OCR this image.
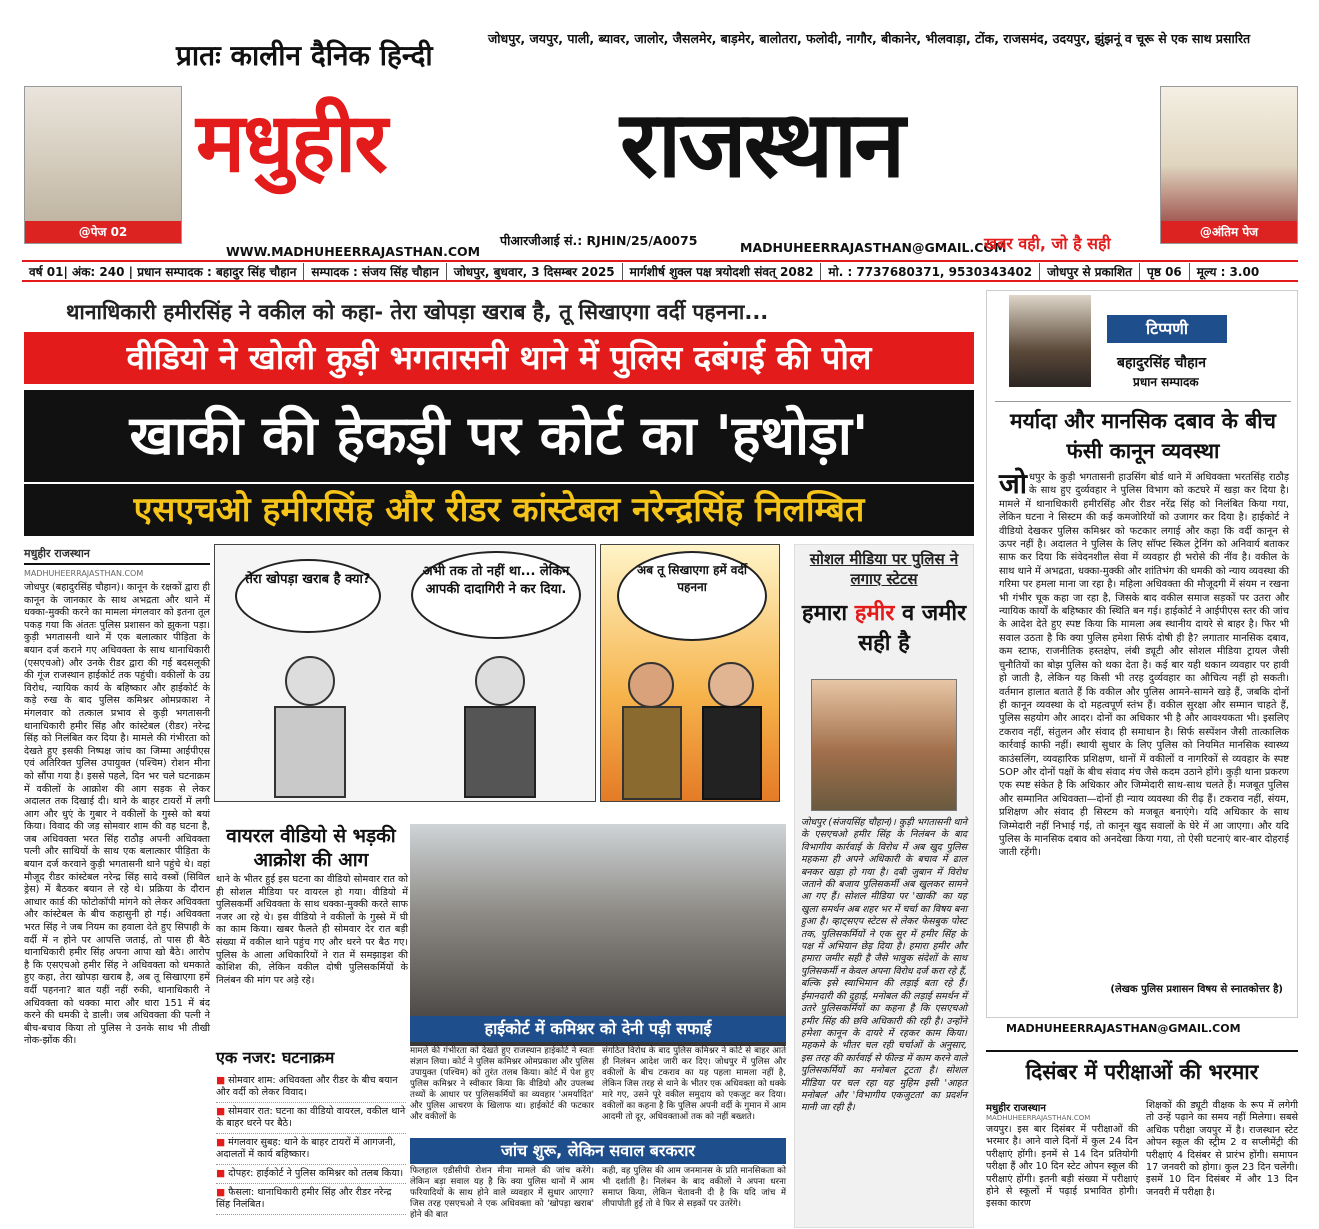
प्रातः कालीन दैनिक हिन्दी
जोधपुर, जयपुर, पाली, ब्यावर, जालोर, जैसलमेर, बाड़मेर, बालोतरा, फलोदी, नागौर, बीकानेर, भीलवाड़ा, टोंक, राजसमंद, उदयपुर, झुंझनूं व चूरू से एक साथ प्रसारित
@पेज 02
मधुहीर	राजस्थान
@अंतिम पेज
WWW.MADHUHEERRAJASTHAN.COM
पीआरजीआई सं.: RJHIN/25/A0075	MADHUHEERRAJASTHAN@GMAIL.COM
खबर वही, जो है सही
वर्ष 01| अंक: 240 | प्रधान सम्पादक : बहादुर सिंह चौहान	सम्पादक : संजय सिंह चौहान	जोधपुर, बुधवार, 3 दिसम्बर 2025	मार्गशीर्ष शुक्ल पक्ष त्रयोदशी संवत् 2082	मो. : 7737680371, 9530343402	जोधपुर से प्रकाशित	पृष्ठ 06	मूल्य : 3.00
थानाधिकारी हमीरसिंह ने वकील को कहा- तेरा खोपड़ा खराब है, तू सिखाएगा वर्दी पहनना...
वीडियो ने खोली कुड़ी भगतासनी थाने में पुलिस दबंगई की पोल
खाकी की हेकड़ी पर कोर्ट का 'हथोड़ा'
एसएचओ हमीरसिंह और रीडर कांस्टेबल नरेन्द्रसिंह निलम्बित
मधुहीर राजस्थान
MADHUHEERRAJASTHAN.COM
जोधपुर (बहादुरसिंह चौहान)। कानून के रक्षकों द्वारा ही कानून के जानकार के साथ अभद्रता और थाने में धक्का-मुक्की करने का मामला मंगलवार को इतना तूल पकड़ गया कि अंततः पुलिस प्रशासन को झुकना पड़ा। कुड़ी भगतासनी थाने में एक बलात्कार पीड़िता के बयान दर्ज कराने गए अधिवक्ता के साथ थानाधिकारी (एसएचओ) और उनके रीडर द्वारा की गई बदसलूकी की गूंज राजस्थान हाईकोर्ट तक पहुंची। वकीलों के उग्र विरोध, न्यायिक कार्य के बहिष्कार और हाईकोर्ट के कड़े रुख के बाद पुलिस कमिश्नर ओमप्रकाश ने मंगलवार को तत्काल प्रभाव से कुड़ी भगतासनी थानाधिकारी हमीर सिंह और कांस्टेबल (रीडर) नरेन्द्र सिंह को निलंबित कर दिया है। मामले की गंभीरता को देखते हुए इसकी निष्पक्ष जांच का जिम्मा आईपीएस एवं अतिरिक्त पुलिस उपायुक्त (पश्चिम) रोशन मीना को सौंपा गया है। इससे पहले, दिन भर चले घटनाक्रम में वकीलों के आक्रोश की आग सड़क से लेकर अदालत तक दिखाई दी। थाने के बाहर टायरों में लगी आग और धुएं के गुबार ने वकीलों के गुस्से को बयां किया। विवाद की जड़ सोमवार शाम की वह घटना है, जब अधिवक्ता भरत सिंह राठौड़ अपनी अधिवक्ता पत्नी और साथियों के साथ एक बलात्कार पीड़िता के बयान दर्ज करवाने कुड़ी भगतासनी थाने पहुंचे थे। वहां मौजूद रीडर कांस्टेबल नरेन्द्र सिंह सादे वस्त्रों (सिविल ड्रेस) में बैठकर बयान ले रहे थे। प्रक्रिया के दौरान आधार कार्ड की फोटोकॉपी मांगने को लेकर अधिवक्ता और कांस्टेबल के बीच कहासुनी हो गई। अधिवक्ता भरत सिंह ने जब नियम का हवाला देते हुए सिपाही के वर्दी में न होने पर आपत्ति जताई, तो पास ही बैठे थानाधिकारी हमीर सिंह अपना आपा खो बैठे। आरोप है कि एसएचओ हमीर सिंह ने अधिवक्ता को धमकाते हुए कहा, तेरा खोपड़ा खराब है, अब तू सिखाएगा हमें वर्दी पहनना? बात यहीं नहीं रुकी, थानाधिकारी ने अधिवक्ता को धक्का मारा और धारा 151 में बंद करने की धमकी दे डाली। जब अधिवक्ता की पत्नी ने बीच-बचाव किया तो पुलिस ने उनके साथ भी तीखी नोक-झोंक की।
तेरा खोपड़ा खराब है क्या?
अभी तक तो नहीं था... लेकिन आपकी दादागिरी ने कर दिया.
अब तू सिखाएगा हमें वर्दी पहनना
सोशल मीडिया पर पुलिस ने लगाए स्टेटस
हमारा हमीर व जमीर सही है
जोधपुर (संजयसिंह चौहान)। कुड़ी भगतासनी थाने के एसएचओ हमीर सिंह के निलंबन के बाद विभागीय कार्रवाई के विरोध में अब खुद पुलिस महकमा ही अपने अधिकारी के बचाव में ढाल बनकर खड़ा हो गया है। दबी जुबान में विरोध जताने की बजाय पुलिसकर्मी अब खुलकर सामने आ गए हैं। सोशल मीडिया पर 'खाकी' का यह खुला समर्थन अब शहर भर में चर्चा का विषय बना हुआ है। व्हाट्सएप स्टेटस से लेकर फेसबुक पोस्ट तक, पुलिसकर्मियों ने एक सुर में हमीर सिंह के पक्ष में अभियान छेड़ दिया है। हमारा हमीर और हमारा जमीर सही है जैसे भावुक संदेशों के साथ पुलिसकर्मी न केवल अपना विरोध दर्ज करा रहे हैं, बल्कि इसे स्वाभिमान की लड़ाई बता रहे हैं। ईमानदारी की दुहाई, मनोबल की लड़ाई समर्थन में उतरे पुलिसकर्मियों का कहना है कि एसएचओ हमीर सिंह की छवि अधिकारी की रही है। उन्होंने हमेशा कानून के दायरे में रहकर काम किया। महकमे के भीतर चल रही चर्चाओं के अनुसार, इस तरह की कार्रवाई से फील्ड में काम करने वाले पुलिसकर्मियों का मनोबल टूटता है। सोशल मीडिया पर चल रहा यह मुहिम इसी 'आहत मनोबल' और 'विभागीय एकजुटता' का प्रदर्शन मानी जा रही है।
वायरल वीडियो से भड़की आक्रोश की आग
थाने के भीतर हुई इस घटना का वीडियो सोमवार रात को ही सोशल मीडिया पर वायरल हो गया। वीडियो में पुलिसकर्मी अधिवक्ता के साथ धक्का-मुक्की करते साफ नजर आ रहे थे। इस वीडियो ने वकीलों के गुस्से में घी का काम किया। खबर फैलते ही सोमवार देर रात बड़ी संख्या में वकील थाने पहुंच गए और धरने पर बैठ गए। पुलिस के आला अधिकारियों ने रात में समझाइश की कोशिश की, लेकिन वकील दोषी पुलिसकर्मियों के निलंबन की मांग पर अड़े रहे।
हाईकोर्ट में कमिश्नर को देनी पड़ी सफाई
मामले की गंभीरता को देखते हुए राजस्थान हाईकोर्ट ने स्वतः संज्ञान लिया। कोर्ट ने पुलिस कमिश्नर ओमप्रकाश और पुलिस उपायुक्त (पश्चिम) को तुरंत तलब किया। कोर्ट में पेश हुए पुलिस कमिश्नर ने स्वीकार किया कि वीडियो और उपलब्ध तथ्यों के आधार पर पुलिसकर्मियों का व्यवहार 'अमर्यादित' और पुलिस आचरण के खिलाफ था। हाईकोर्ट की फटकार और वकीलों के
संगठित विरोध के बाद पुलिस कमिश्नर ने कोर्ट से बाहर आते ही निलंबन आदेश जारी कर दिए। जोधपुर में पुलिस और वकीलों के बीच टकराव का यह पहला मामला नहीं है, लेकिन जिस तरह से थाने के भीतर एक अधिवक्ता को धक्के मारे गए, उसने पूरे वकील समुदाय को एकजुट कर दिया। वकीलों का कहना है कि पुलिस अपनी वर्दी के गुमान में आम आदमी तो दूर, अधिवक्ताओं तक को नहीं बख्शते।
जांच शुरू, लेकिन सवाल बरकरार
फिलहाल एडीसीपी रोशन मीना मामले की जांच करेंगे। लेकिन बड़ा सवाल यह है कि क्या पुलिस थानों में आम फरियादियों के साथ होने वाले व्यवहार में सुधार आएगा? जिस तरह एसएचओ ने एक अधिवक्ता को 'खोपड़ा खराब' होने की बात
कही, वह पुलिस की आम जनमानस के प्रति मानसिकता को भी दर्शाती है। निलंबन के बाद वकीलों ने अपना धरना समाप्त किया, लेकिन चेतावनी दी है कि यदि जांच में लीपापोती हुई तो वे फिर से सड़कों पर उतरेंगे।
एक नजर: घटनाक्रम
■ सोमवार शाम: अधिवक्ता और रीडर के बीच बयान और वर्दी को लेकर विवाद।
■ सोमवार रात: घटना का वीडियो वायरल, वकील थाने के बाहर धरने पर बैठे।
■ मंगलवार सुबह: थाने के बाहर टायरों में आगजनी, अदालतों में कार्य बहिष्कार।
■ दोपहर: हाईकोर्ट ने पुलिस कमिश्नर को तलब किया।
■ फैसला: थानाधिकारी हमीर सिंह और रीडर नरेन्द्र सिंह निलंबित।
टिप्पणी
बहादुरसिंह चौहान
प्रधान सम्पादक
मर्यादा और मानसिक दबाव के बीच फंसी कानून व्यवस्था
जोधपुर के कुड़ी भगतासनी हाउसिंग बोर्ड थाने में अधिवक्ता भरतसिंह राठौड़ के साथ हुए दुर्व्यवहार ने पुलिस विभाग को कटघरे में खड़ा कर दिया है। मामले में थानाधिकारी हमीरसिंह और रीडर नरेंद्र सिंह को निलंबित किया गया, लेकिन घटना ने सिस्टम की कई कमजोरियों को उजागर कर दिया है। हाईकोर्ट ने वीडियो देखकर पुलिस कमिश्नर को फटकार लगाई और कहा कि वर्दी कानून से ऊपर नहीं है। अदालत ने पुलिस के लिए सॉफ्ट स्किल ट्रेनिंग को अनिवार्य बताकर साफ कर दिया कि संवेदनशील सेवा में व्यवहार ही भरोसे की नींव है। वकील के साथ थाने में अभद्रता, धक्का-मुक्की और शांतिभंग की धमकी को न्याय व्यवस्था की गरिमा पर हमला माना जा रहा है। महिला अधिवक्ता की मौजूदगी में संयम न रखना भी गंभीर चूक कहा जा रहा है, जिसके बाद वकील समाज सड़कों पर उतरा और न्यायिक कार्यों के बहिष्कार की स्थिति बन गई। हाईकोर्ट ने आईपीएस स्तर की जांच के आदेश देते हुए स्पष्ट किया कि मामला अब स्थानीय दायरे से बाहर है। फिर भी सवाल उठता है कि क्या पुलिस हमेशा सिर्फ दोषी ही है? लगातार मानसिक दबाव, कम स्टाफ, राजनीतिक हस्तक्षेप, लंबी ड्यूटी और सोशल मीडिया ट्रायल जैसी चुनौतियों का बोझ पुलिस को थका देता है। कई बार यही थकान व्यवहार पर हावी हो जाती है, लेकिन यह किसी भी तरह दुर्व्यवहार का औचित्य नहीं हो सकती। वर्तमान हालात बताते हैं कि वकील और पुलिस आमने-सामने खड़े हैं, जबकि दोनों ही कानून व्यवस्था के दो महत्वपूर्ण स्तंभ हैं। वकील सुरक्षा और सम्मान चाहते हैं, पुलिस सहयोग और आदर। दोनों का अधिकार भी है और आवश्यकता भी। इसलिए टकराव नहीं, संतुलन और संवाद ही समाधान है। सिर्फ सस्पेंशन जैसी तात्कालिक कार्रवाई काफी नहीं। स्थायी सुधार के लिए पुलिस को नियमित मानसिक स्वास्थ्य काउंसलिंग, व्यवहारिक प्रशिक्षण, थानों में वकीलों व नागरिकों से व्यवहार के स्पष्ट SOP और दोनों पक्षों के बीच संवाद मंच जैसे कदम उठाने होंगे। कुड़ी थाना प्रकरण एक स्पष्ट संकेत है कि अधिकार और जिम्मेदारी साथ-साथ चलते हैं। मजबूत पुलिस और सम्मानित अधिवक्ता—दोनों ही न्याय व्यवस्था की रीढ़ हैं। टकराव नहीं, संयम, प्रशिक्षण और संवाद ही सिस्टम को मजबूत बनाएंगे। यदि अधिकार के साथ जिम्मेदारी नहीं निभाई गई, तो कानून खुद सवालों के घेरे में आ जाएगा। और यदि पुलिस के मानसिक दबाव को अनदेखा किया गया, तो ऐसी घटनाएं बार-बार दोहराई जाती रहेंगी।
(लेखक पुलिस प्रशासन विषय से स्नातकोत्तर है)
MADHUHEERRAJASTHAN@GMAIL.COM
दिसंबर में परीक्षाओं की भरमार
मधुहीर राजस्थान
MADHUHEERRAJASTHAN.COM
जयपुर। इस बार दिसंबर में परीक्षाओं की भरमार है। आने वाले दिनों में कुल 24 दिन परीक्षाएं होंगी। इनमें से 14 दिन प्रतियोगी परीक्षा हैं और 10 दिन स्टेट ओपन स्कूल की परीक्षाएं होंगी। इतनी बड़ी संख्या में परीक्षाएं होने से स्कूलों में पढ़ाई प्रभावित होगी। इसका कारण
शिक्षकों की ड्यूटी वीक्षक के रूप में लगेगी तो उन्हें पढ़ाने का समय नहीं मिलेगा। सबसे अधिक परीक्षा जयपुर में है। राजस्थान स्टेट ओपन स्कूल की स्ट्रीम 2 व सप्लीमेंट्री की परीक्षाएं 4 दिसंबर से प्रारंभ होंगी। समापन 17 जनवरी को होगा। कुल 23 दिन चलेंगी। इसमें 10 दिन दिसंबर में और 13 दिन जनवरी में परीक्षा है।
